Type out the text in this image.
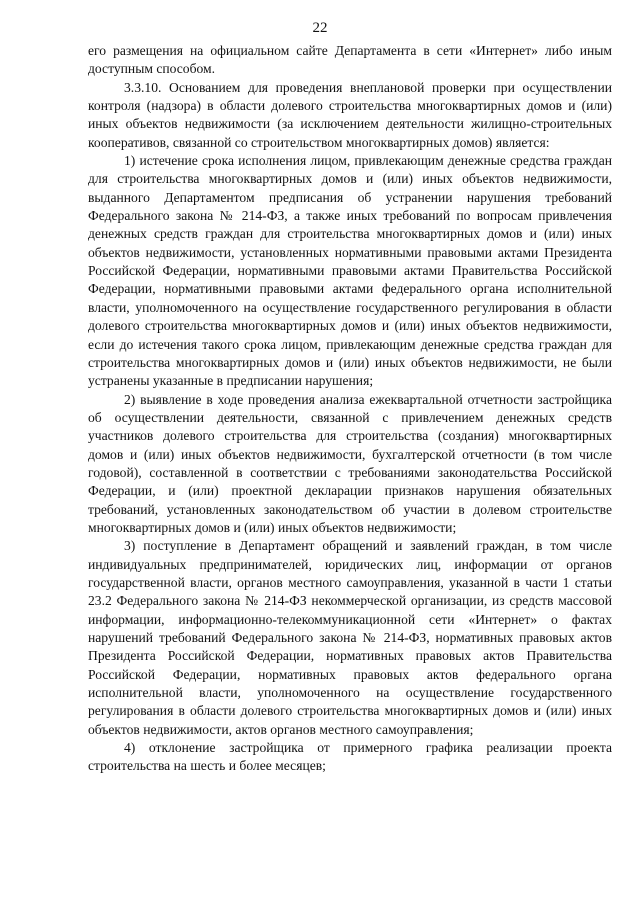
22

его размещения на официальном сайте Департамента в сети «Интернет» либо иным доступным способом.

3.3.10. Основанием для проведения внеплановой проверки при осуществлении контроля (надзора) в области долевого строительства многоквартирных домов и (или) иных объектов недвижимости (за исключением деятельности жилищно-строительных кооперативов, связанной со строительством многоквартирных домов) является:

1) истечение срока исполнения лицом, привлекающим денежные средства граждан для строительства многоквартирных домов и (или) иных объектов недвижимости, выданного Департаментом предписания об устранении нарушения требований Федерального закона № 214-ФЗ, а также иных требований по вопросам привлечения денежных средств граждан для строительства многоквартирных домов и (или) иных объектов недвижимости, установленных нормативными правовыми актами Президента Российской Федерации, нормативными правовыми актами Правительства Российской Федерации, нормативными правовыми актами федерального органа исполнительной власти, уполномоченного на осуществление государственного регулирования в области долевого строительства многоквартирных домов и (или) иных объектов недвижимости, если до истечения такого срока лицом, привлекающим денежные средства граждан для строительства многоквартирных домов и (или) иных объектов недвижимости, не были устранены указанные в предписании нарушения;

2) выявление в ходе проведения анализа ежеквартальной отчетности застройщика об осуществлении деятельности, связанной с привлечением денежных средств участников долевого строительства для строительства (создания) многоквартирных домов и (или) иных объектов недвижимости, бухгалтерской отчетности (в том числе годовой), составленной в соответствии с требованиями законодательства Российской Федерации, и (или) проектной декларации признаков нарушения обязательных требований, установленных законодательством об участии в долевом строительстве многоквартирных домов и (или) иных объектов недвижимости;

3) поступление в Департамент обращений и заявлений граждан, в том числе индивидуальных предпринимателей, юридических лиц, информации от органов государственной власти, органов местного самоуправления, указанной в части 1 статьи 23.2 Федерального закона № 214-ФЗ некоммерческой организации, из средств массовой информации, информационно-телекоммуникационной сети «Интернет» о фактах нарушений требований Федерального закона № 214-ФЗ, нормативных правовых актов Президента Российской Федерации, нормативных правовых актов Правительства Российской Федерации, нормативных правовых актов федерального органа исполнительной власти, уполномоченного на осуществление государственного регулирования в области долевого строительства многоквартирных домов и (или) иных объектов недвижимости, актов органов местного самоуправления;

4) отклонение застройщика от примерного графика реализации проекта строительства на шесть и более месяцев;
